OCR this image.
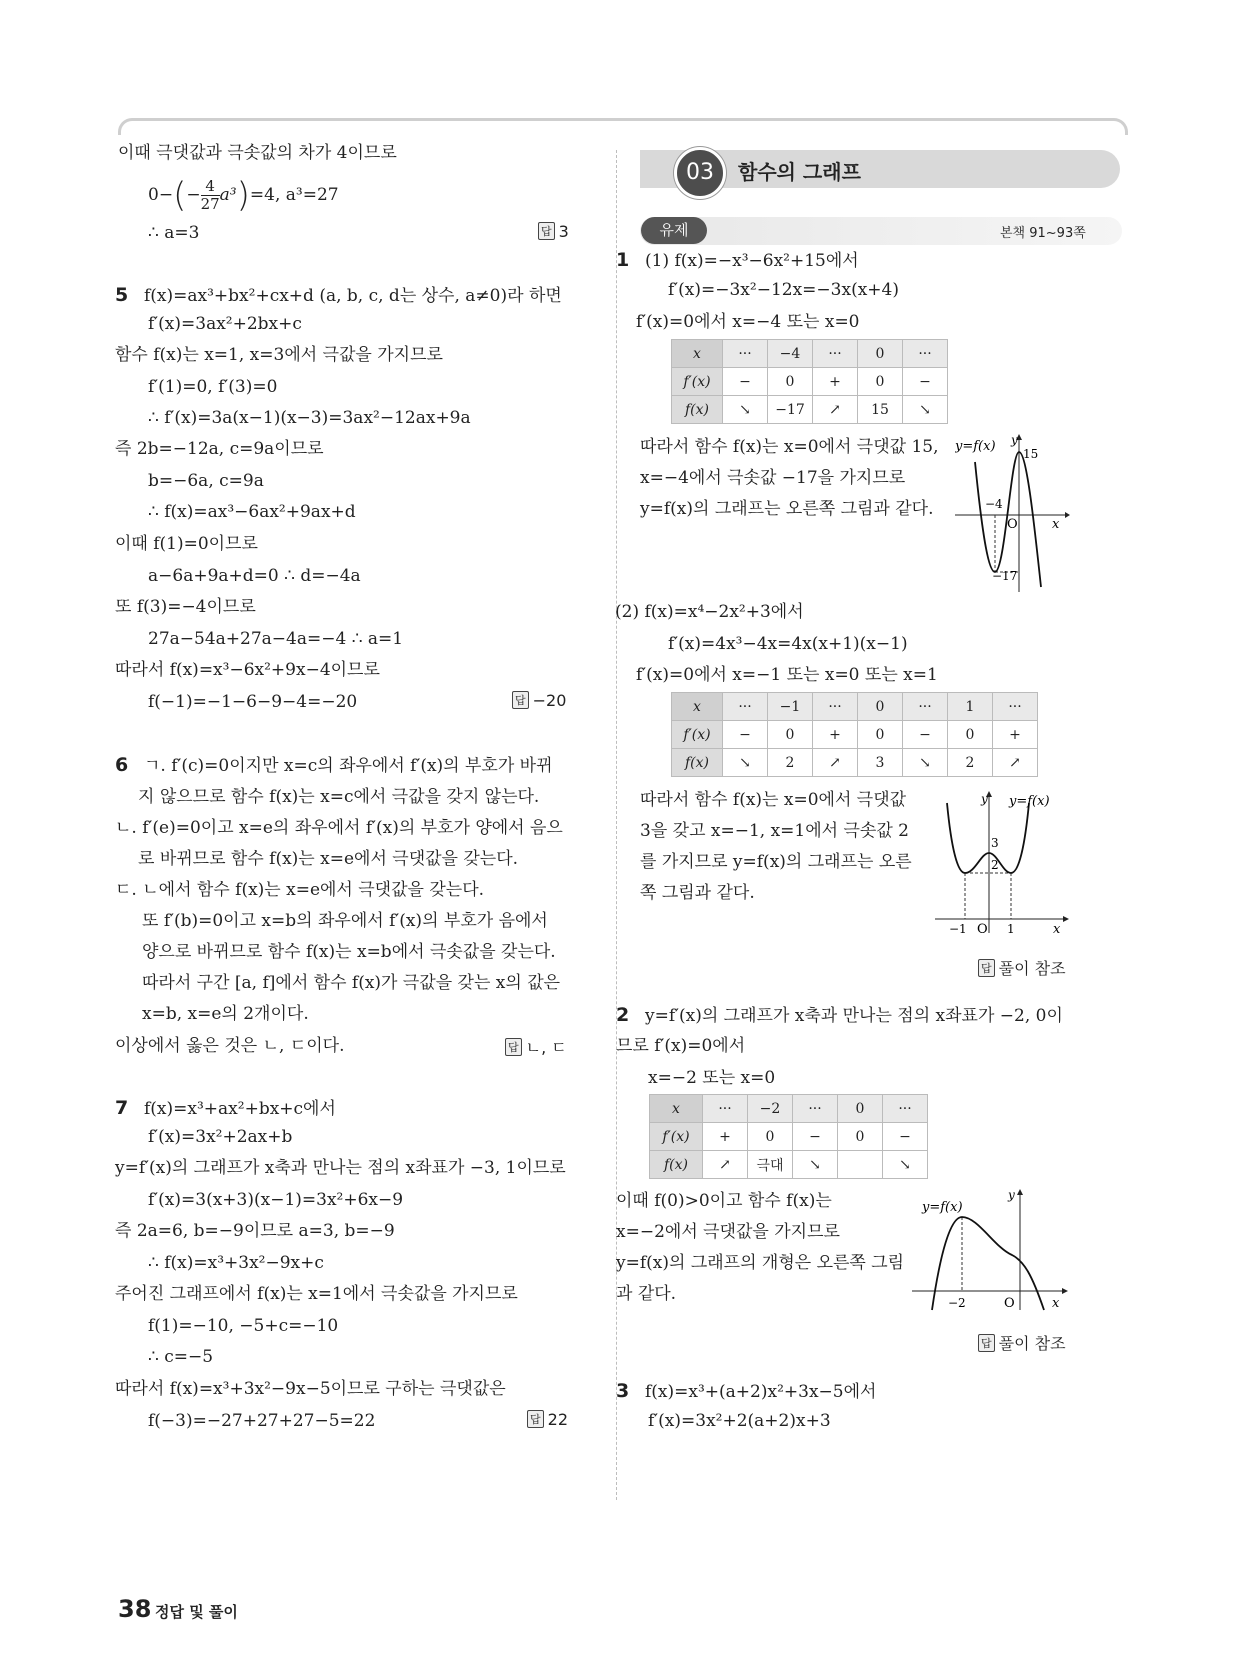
이때 극댓값과 극솟값의 차가 4이므로
$0-(- \frac{4}{27} a^3)=4$, a³=27
∴ a=3	답 3
5 f(x)=ax³+bx²+cx+d (a, b, c, d는 상수, a≠0)라 하면
f′(x)=3ax²+2bx+c
함수 f(x)는 x=1, x=3에서 극값을 가지므로
f′(1)=0, f′(3)=0
∴ f′(x)=3a(x−1)(x−3)=3ax²−12ax+9a
즉 2b=−12a, c=9a이므로
b=−6a, c=9a
∴ f(x)=ax³−6ax²+9ax+d
이때 f(1)=0이므로
a−6a+9a+d=0 ∴ d=−4a
또 f(3)=−4이므로
27a−54a+27a−4a=−4 ∴ a=1
따라서 f(x)=x³−6x²+9x−4이므로
f(−1)=−1−6−9−4=−20	답 −20
6 ㄱ. f′(c)=0이지만 x=c의 좌우에서 f′(x)의 부호가 바뀌
지 않으므로 함수 f(x)는 x=c에서 극값을 갖지 않는다.
ㄴ. f′(e)=0이고 x=e의 좌우에서 f′(x)의 부호가 양에서 음으
로 바뀌므로 함수 f(x)는 x=e에서 극댓값을 갖는다.
ㄷ. ㄴ에서 함수 f(x)는 x=e에서 극댓값을 갖는다.
또 f′(b)=0이고 x=b의 좌우에서 f′(x)의 부호가 음에서
양으로 바뀌므로 함수 f(x)는 x=b에서 극솟값을 갖는다.
따라서 구간 [a, f]에서 함수 f(x)가 극값을 갖는 x의 값은
x=b, x=e의 2개이다.
이상에서 옳은 것은 ㄴ, ㄷ이다.	답 ㄴ, ㄷ
7 f(x)=x³+ax²+bx+c에서
f′(x)=3x²+2ax+b
y=f′(x)의 그래프가 x축과 만나는 점의 x좌표가 −3, 1이므로
f′(x)=3(x+3)(x−1)=3x²+6x−9
즉 2a=6, b=−9이므로 a=3, b=−9
∴ f(x)=x³+3x²−9x+c
주어진 그래프에서 f(x)는 x=1에서 극솟값을 가지므로
f(1)=−10, −5+c=−10
∴ c=−5
따라서 f(x)=x³+3x²−9x−5이므로 구하는 극댓값은
f(−3)=−27+27+27−5=22	답 22
03	함수의 그래프
유제	본책 91~93쪽
1 (1) f(x)=−x³−6x²+15에서
f′(x)=−3x²−12x=−3x(x+4)
f′(x)=0에서 x=−4 또는 x=0
x	···	−4	···	0	···
f′(x)	−	0	+	0	−
f(x)	↘	−17	↗	15	↘
따라서 함수 f(x)는 x=0에서 극댓값 15,
x=−4에서 극솟값 −17을 가지므로
y=f(x)의 그래프는 오른쪽 그림과 같다.
y=f(x) y
15
−4
O	x
−17
(2) f(x)=x⁴−2x²+3에서
f′(x)=4x³−4x=4x(x+1)(x−1)
f′(x)=0에서 x=−1 또는 x=0 또는 x=1
x	···	−1	···	0	···	1	···
f′(x)	−	0	+	0	−	0	+
f(x)	↘	2	↗	3	↘	2	↗
따라서 함수 f(x)는 x=0에서 극댓값
3을 갖고 x=−1, x=1에서 극솟값 2
를 가지므로 y=f(x)의 그래프는 오른
쪽 그림과 같다.
y y=f(x)
3
2
−1 O 1	x
답 풀이 참조
2 y=f′(x)의 그래프가 x축과 만나는 점의 x좌표가 −2, 0이
므로 f′(x)=0에서
x=−2 또는 x=0
x	···	−2	···	0	···
f′(x)	+	0	−	0	−
f(x)	↗	극대	↘		↘
이때 f(0)>0이고 함수 f(x)는
x=−2에서 극댓값을 가지므로
y=f(x)의 그래프의 개형은 오른쪽 그림
과 같다.
y=f(x)
y
−2	O	x
답 풀이 참조
3 f(x)=x³+(a+2)x²+3x−5에서
f′(x)=3x²+2(a+2)x+3
38 정답 및 풀이
